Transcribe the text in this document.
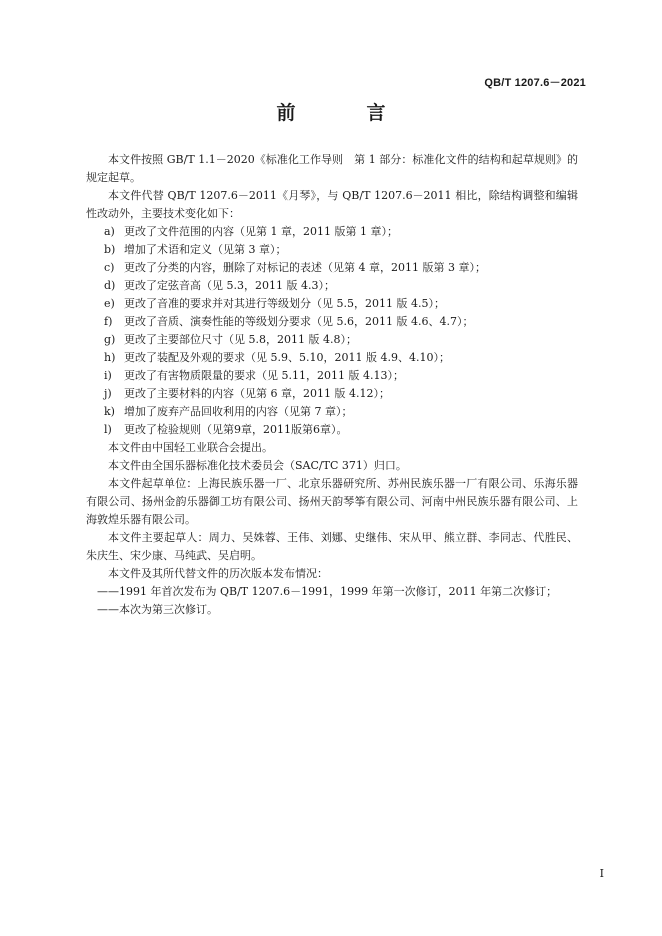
QB/T 1207.6－2021
前　言

本文件按照 GB/T 1.1－2020《标准化工作导则　第 1 部分：标准化文件的结构和起草规则》的规定起草。

本文件代替 QB/T 1207.6－2011《月琴》，与 QB/T 1207.6－2011 相比，除结构调整和编辑性改动外，主要技术变化如下：

a) 更改了文件范围的内容（见第 1 章，2011 版第 1 章）；
b) 增加了术语和定义（见第 3 章）；
c) 更改了分类的内容，删除了对标记的表述（见第 4 章，2011 版第 3 章）；
d) 更改了定弦音高（见 5.3，2011 版 4.3）；
e) 更改了音准的要求并对其进行等级划分（见 5.5，2011 版 4.5）；
f)	更改了音质、演奏性能的等级划分要求（见 5.6，2011 版 4.6、4.7）；
g) 更改了主要部位尺寸（见 5.8，2011 版 4.8）；
h) 更改了装配及外观的要求（见 5.9、5.10，2011 版 4.9、4.10）；
i)	更改了有害物质限量的要求（见 5.11，2011 版 4.13）；
j)	更改了主要材料的内容（见第 6 章，2011 版 4.12）；
k) 增加了废弃产品回收利用的内容（见第 7 章）；
l)	更改了检验规则（见第9章，2011版第6章）。

本文件由中国轻工业联合会提出。

本文件由全国乐器标准化技术委员会（SAC/TC 371）归口。

本文件起草单位：上海民族乐器一厂、北京乐器研究所、苏州民族乐器一厂有限公司、乐海乐器有限公司、扬州金韵乐器御工坊有限公司、扬州天韵琴筝有限公司、河南中州民族乐器有限公司、上海敦煌乐器有限公司。

本文件主要起草人：周力、吴姝蓉、王伟、刘娜、史继伟、宋从甲、熊立群、李同志、代胜民、朱庆生、宋少康、马纯武、吴启明。

本文件及其所代替文件的历次版本发布情况：

——1991 年首次发布为 QB/T 1207.6－1991，1999 年第一次修订，2011 年第二次修订；

——本次为第三次修订。

I
